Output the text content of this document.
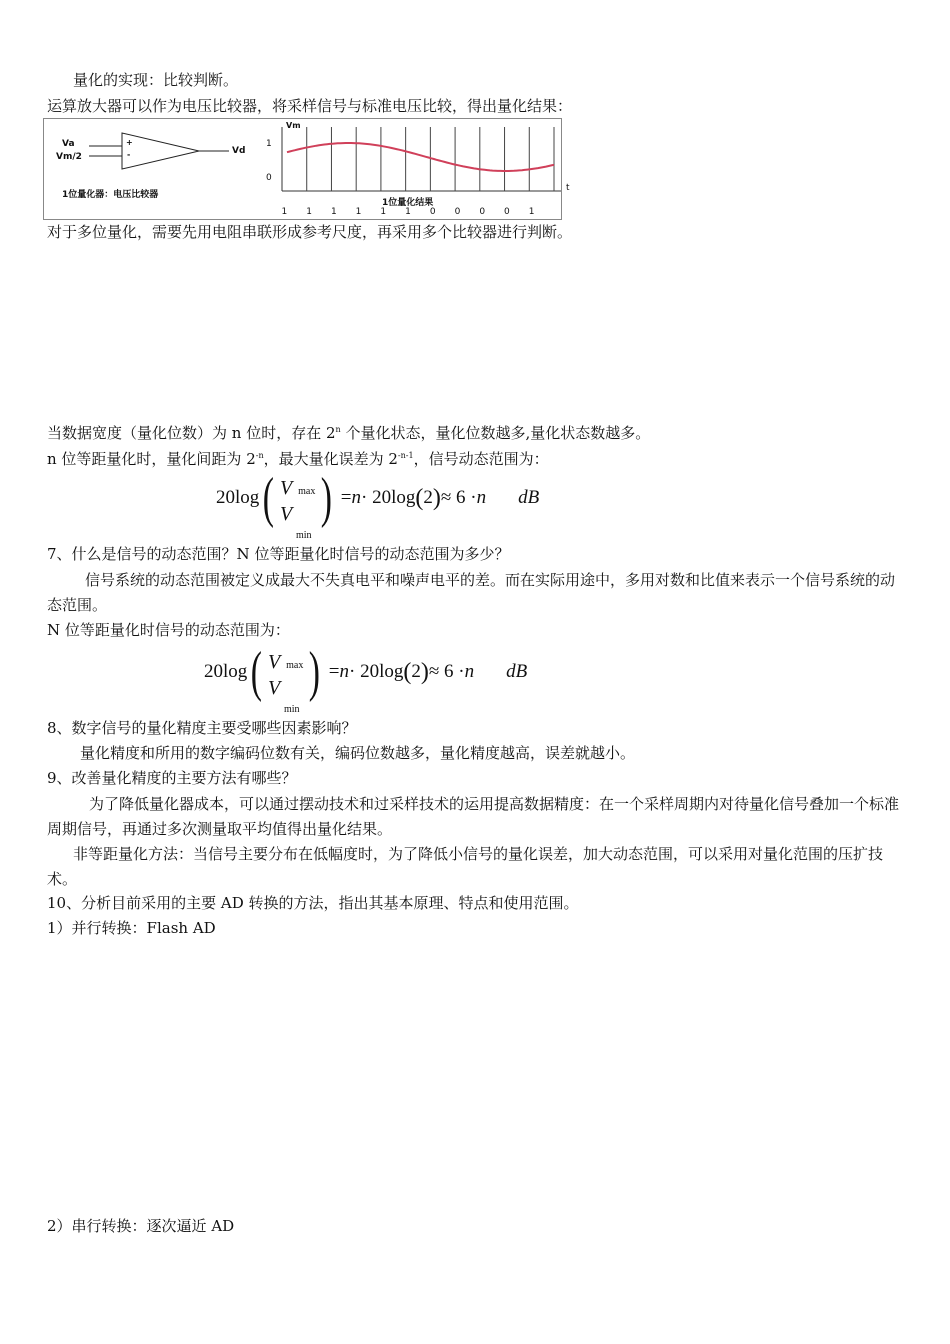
量化的实现：比较判断。
运算放大器可以作为电压比较器，将采样信号与标准电压比较，得出量化结果：
Va
Vm/2
+
-	Vd
1位量化器：电压比较器
Vm
1
0
t
1位量化结果
1 1 1 1 1 1 0 0 0 0 1
对于多位量化，需要先用电阻串联形成参考尺度，再采用多个比较器进行判断。
当数据宽度（量化位数）为 n 位时，存在 2$^n$ 个量化状态，量化位数越多,量化状态数越多。
n 位等距量化时，量化间距为 $2^{-n}$，最大量化误差为 $2^{-n-1}$，信号动态范围为：
20log ( V max
V
min
)
= n · 20log ( 2 ) ≈ 6 · n dB
7、什么是信号的动态范围？N 位等距量化时信号的动态范围为多少？
信号系统的动态范围被定义成最大不失真电平和噪声电平的差。而在实际用途中，多用对数和比值来表示一个信号系统的动态范围。
N 位等距量化时信号的动态范围为：
20log ( V max
V
min
)
= n · 20log ( 2 ) ≈ 6 · n dB
8、数字信号的量化精度主要受哪些因素影响？
量化精度和所用的数字编码位数有关，编码位数越多，量化精度越高，误差就越小。
9、改善量化精度的主要方法有哪些？
为了降低量化器成本，可以通过摆动技术和过采样技术的运用提高数据精度：在一个采样周期内对待量化信号叠加一个标准周期信号，再通过多次测量取平均值得出量化结果。
非等距量化方法：当信号主要分布在低幅度时，为了降低小信号的量化误差，加大动态范围，可以采用对量化范围的压扩技术。
10、分析目前采用的主要 AD 转换的方法，指出其基本原理、特点和使用范围。
1）并行转换：Flash AD
2）串行转换：逐次逼近 AD
